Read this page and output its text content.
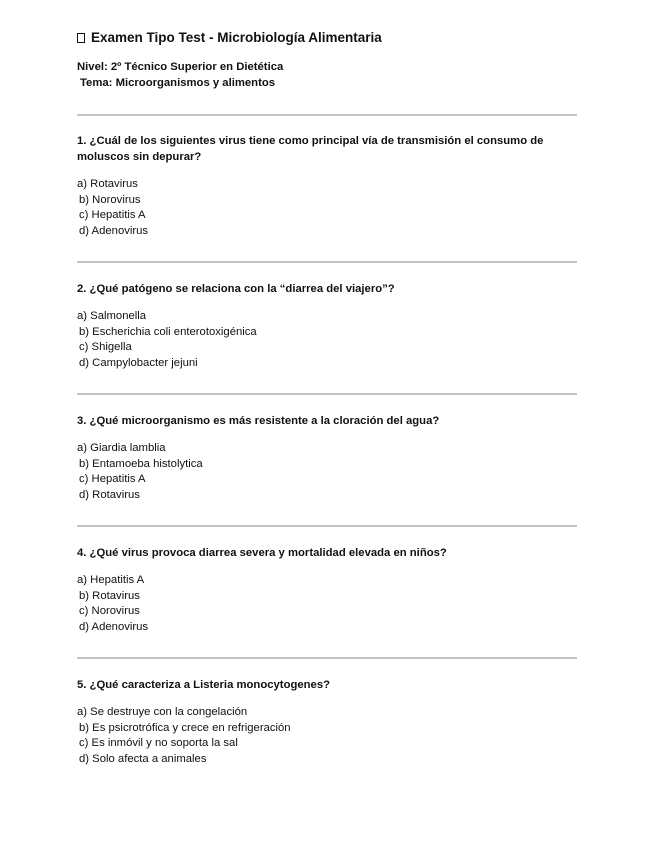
Examen Tipo Test - Microbiología Alimentaria
Nivel: 2º Técnico Superior en Dietética
Tema: Microorganismos y alimentos

1. ¿Cuál de los siguientes virus tiene como principal vía de transmisión el consumo de moluscos sin depurar?

a) Rotavirus
b) Norovirus
c) Hepatitis A
d) Adenovirus

2. ¿Qué patógeno se relaciona con la “diarrea del viajero”?

a) Salmonella
b) Escherichia coli enterotoxigénica
c) Shigella
d) Campylobacter jejuni

3. ¿Qué microorganismo es más resistente a la cloración del agua?

a) Giardia lamblia
b) Entamoeba histolytica
c) Hepatitis A
d) Rotavirus

4. ¿Qué virus provoca diarrea severa y mortalidad elevada en niños?

a) Hepatitis A
b) Rotavirus
c) Norovirus
d) Adenovirus

5. ¿Qué caracteriza a Listeria monocytogenes?

a) Se destruye con la congelación
b) Es psicrotrófica y crece en refrigeración
c) Es inmóvil y no soporta la sal
d) Solo afecta a animales
